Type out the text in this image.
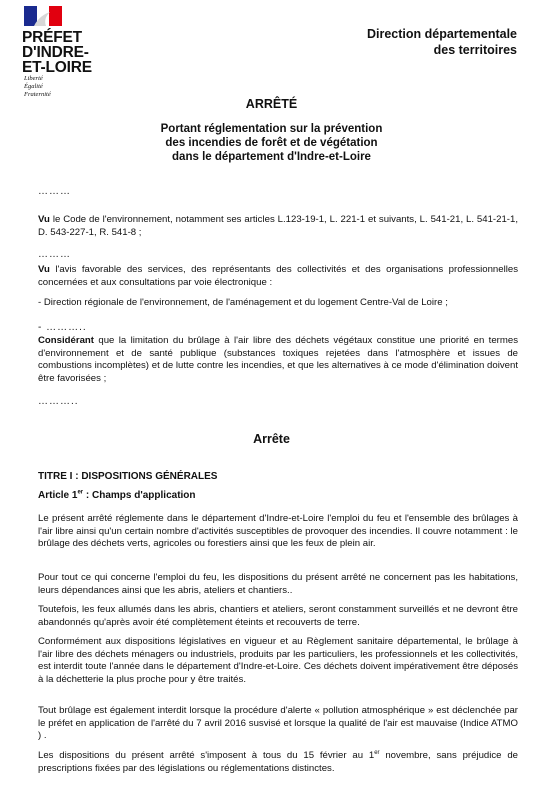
PRÉFET
D'INDRE-
ET-LOIRE
Liberté
Égalité
Fraternité
Direction départementale
des territoires
ARRÊTÉ
Portant réglementation sur la prévention
des incendies de forêt et de végétation
dans le département d'Indre-et-Loire
………
Vu le Code de l'environnement, notamment ses articles L.123-19-1, L. 221-1 et suivants, L. 541-21, L. 541-21-1, D. 543-227-1, R. 541-8 ;
………
Vu l'avis favorable des services, des représentants des collectivités et des organisations professionnelles concernées et aux consultations par voie électronique :
- Direction régionale de l'environnement, de l'aménagement et du logement Centre-Val de Loire ;
- ………..
Considérant que la limitation du brûlage à l'air libre des déchets végétaux constitue une priorité en termes d'environnement et de santé publique (substances toxiques rejetées dans l'atmosphère et issues de combustions incomplètes) et de lutte contre les incendies, et que les alternatives à ce mode d'élimination doivent être favorisées ;
………..
Arrête
TITRE I : DISPOSITIONS GÉNÉRALES
Article 1er : Champs d'application
Le présent arrêté réglemente dans le département d'Indre-et-Loire l'emploi du feu et l'ensemble des brûlages à l'air libre ainsi qu'un certain nombre d'activités susceptibles de provoquer des incendies. Il couvre notamment : le brûlage des déchets verts, agricoles ou forestiers ainsi que les feux de plein air.
Pour tout ce qui concerne l'emploi du feu, les dispositions du présent arrêté ne concernent pas les habitations, leurs dépendances ainsi que les abris, ateliers et chantiers..
Toutefois, les feux allumés dans les abris, chantiers et ateliers, seront constamment surveillés et ne devront être abandonnés qu'après avoir été complètement éteints et recouverts de terre.
Conformément aux dispositions législatives en vigueur et au Règlement sanitaire départemental, le brûlage à l'air libre des déchets ménagers ou industriels, produits par les particuliers, les professionnels et les collectivités, est interdit toute l'année dans le département d'Indre-et-Loire. Ces déchets doivent impérativement être déposés à la déchetterie la plus proche pour y être traités.
Tout brûlage est également interdit lorsque la procédure d'alerte « pollution atmosphérique » est déclenchée par le préfet en application de l'arrêté du 7 avril 2016 susvisé et lorsque la qualité de l'air est mauvaise (Indice ATMO ) .
Les dispositions du présent arrêté s'imposent à tous du 15 février au 1er novembre, sans préjudice de prescriptions fixées par des législations ou réglementations distinctes.
